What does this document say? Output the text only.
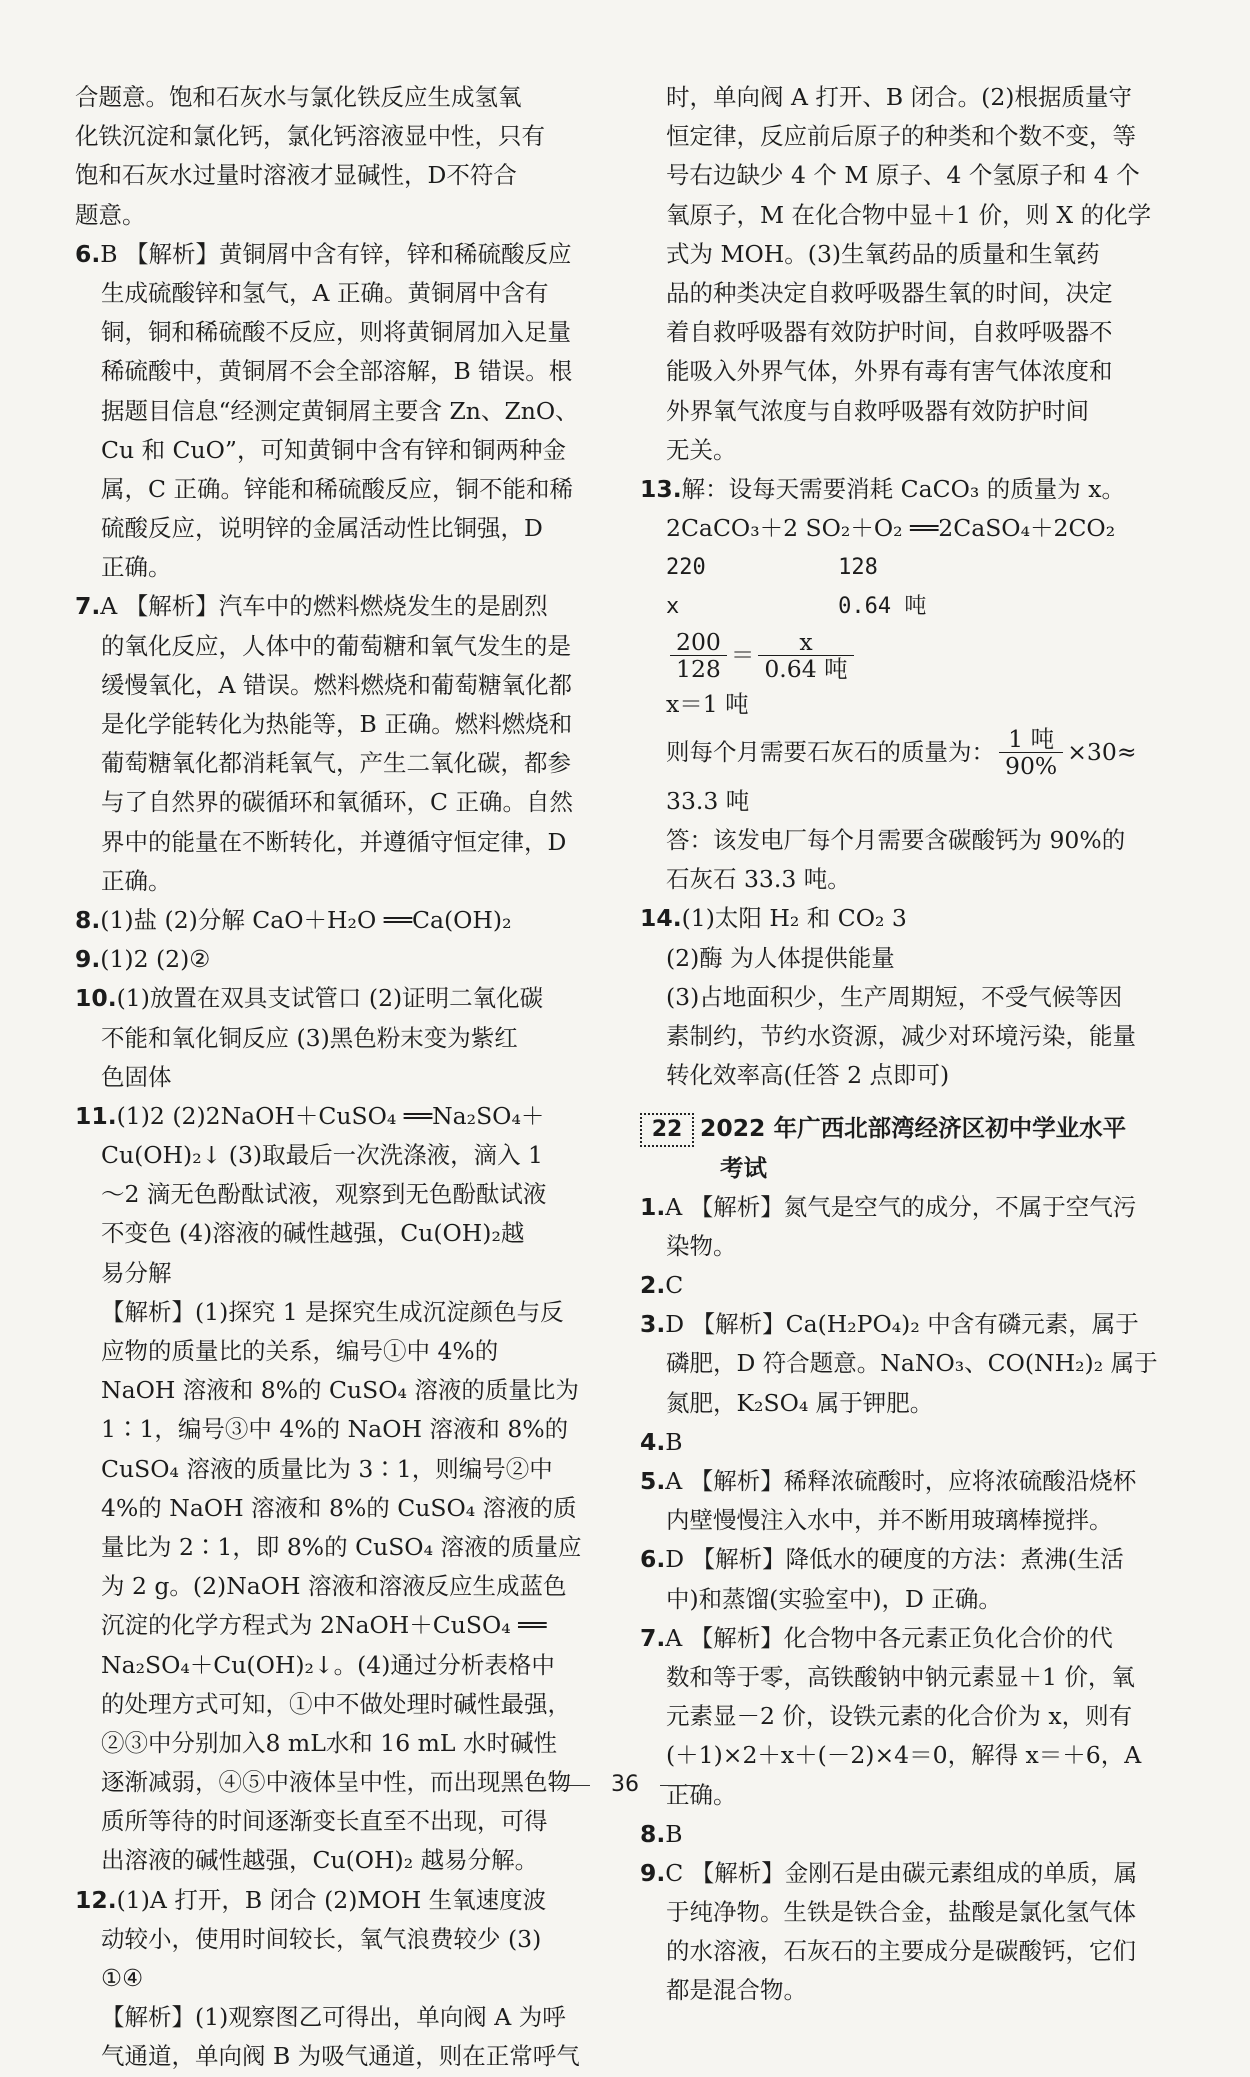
合题意。饱和石灰水与氯化铁反应生成氢氧
化铁沉淀和氯化钙，氯化钙溶液显中性，只有
饱和石灰水过量时溶液才显碱性，D不符合
题意。
6.B 【解析】黄铜屑中含有锌，锌和稀硫酸反应
生成硫酸锌和氢气，A 正确。黄铜屑中含有
铜，铜和稀硫酸不反应，则将黄铜屑加入足量
稀硫酸中，黄铜屑不会全部溶解，B 错误。根
据题目信息“经测定黄铜屑主要含 Zn、ZnO、
Cu 和 CuO”，可知黄铜中含有锌和铜两种金
属，C 正确。锌能和稀硫酸反应，铜不能和稀
硫酸反应，说明锌的金属活动性比铜强，D
正确。
7.A 【解析】汽车中的燃料燃烧发生的是剧烈
的氧化反应，人体中的葡萄糖和氧气发生的是
缓慢氧化，A 错误。燃料燃烧和葡萄糖氧化都
是化学能转化为热能等，B 正确。燃料燃烧和
葡萄糖氧化都消耗氧气，产生二氧化碳，都参
与了自然界的碳循环和氧循环，C 正确。自然
界中的能量在不断转化，并遵循守恒定律，D
正确。
8.(1)盐 (2)分解 CaO＋H₂O ══Ca(OH)₂
9.(1)2 (2)②
10.(1)放置在双具支试管口 (2)证明二氧化碳
不能和氧化铜反应 (3)黑色粉末变为紫红
色固体
11.(1)2 (2)2NaOH＋CuSO₄ ══Na₂SO₄＋
Cu(OH)₂↓ (3)取最后一次洗涤液，滴入 1
～2 滴无色酚酞试液，观察到无色酚酞试液
不变色 (4)溶液的碱性越强，Cu(OH)₂越
易分解
【解析】(1)探究 1 是探究生成沉淀颜色与反
应物的质量比的关系，编号①中 4%的
NaOH 溶液和 8%的 CuSO₄ 溶液的质量比为
1∶1，编号③中 4%的 NaOH 溶液和 8%的
CuSO₄ 溶液的质量比为 3∶1，则编号②中
4%的 NaOH 溶液和 8%的 CuSO₄ 溶液的质
量比为 2∶1，即 8%的 CuSO₄ 溶液的质量应
为 2 g。(2)NaOH 溶液和溶液反应生成蓝色
沉淀的化学方程式为 2NaOH＋CuSO₄ ══
Na₂SO₄＋Cu(OH)₂↓。(4)通过分析表格中
的处理方式可知，①中不做处理时碱性最强，
②③中分别加入8 mL水和 16 mL 水时碱性
逐渐减弱，④⑤中液体呈中性，而出现黑色物
质所等待的时间逐渐变长直至不出现，可得
出溶液的碱性越强，Cu(OH)₂ 越易分解。
12.(1)A 打开，B 闭合 (2)MOH 生氧速度波
动较小，使用时间较长，氧气浪费较少 (3)
①④
【解析】(1)观察图乙可得出，单向阀 A 为呼
气通道，单向阀 B 为吸气通道，则在正常呼气
时，单向阀 A 打开、B 闭合。(2)根据质量守
恒定律，反应前后原子的种类和个数不变，等
号右边缺少 4 个 M 原子、4 个氢原子和 4 个
氧原子，M 在化合物中显＋1 价，则 X 的化学
式为 MOH。(3)生氧药品的质量和生氧药
品的种类决定自救呼吸器生氧的时间，决定
着自救呼吸器有效防护时间，自救呼吸器不
能吸入外界气体，外界有毒有害气体浓度和
外界氧气浓度与自救呼吸器有效防护时间
无关。
13.解：设每天需要消耗 CaCO₃ 的质量为 x。
2CaCO₃＋2 SO₂＋O₂ ══2CaSO₄＋2CO₂
220          128
x            0.64 吨
$\frac{200}{128} = \frac{x}{\text{0.64 吨}}$
x＝1 吨
则每个月需要石灰石的质量为： $\frac{\text{1 吨}}{90\%} \times 30\approx$
33.3 吨
答：该发电厂每个月需要含碳酸钙为 90%的
石灰石 33.3 吨。
14.(1)太阳 H₂ 和 CO₂ 3
(2)酶 为人体提供能量
(3)占地面积少，生产周期短，不受气候等因
素制约，节约水资源，减少对环境污染，能量
转化效率高(任答 2 点即可)
22 2022 年广西北部湾经济区初中学业水平
考试
1.A 【解析】氮气是空气的成分，不属于空气污
染物。
2.C
3.D 【解析】Ca(H₂PO₄)₂ 中含有磷元素，属于
磷肥，D 符合题意。NaNO₃、CO(NH₂)₂ 属于
氮肥，K₂SO₄ 属于钾肥。
4.B
5.A 【解析】稀释浓硫酸时，应将浓硫酸沿烧杯
内壁慢慢注入水中，并不断用玻璃棒搅拌。
6.D 【解析】降低水的硬度的方法：煮沸(生活
中)和蒸馏(实验室中)，D 正确。
7.A 【解析】化合物中各元素正负化合价的代
数和等于零，高铁酸钠中钠元素显＋1 价，氧
元素显－2 价，设铁元素的化合价为 x，则有
(＋1)×2＋x＋(－2)×4＝0，解得 x＝＋6，A
正确。
8.B
9.C 【解析】金刚石是由碳元素组成的单质，属
于纯净物。生铁是铁合金，盐酸是氯化氢气体
的水溶液，石灰石的主要成分是碳酸钙，它们
都是混合物。
36
